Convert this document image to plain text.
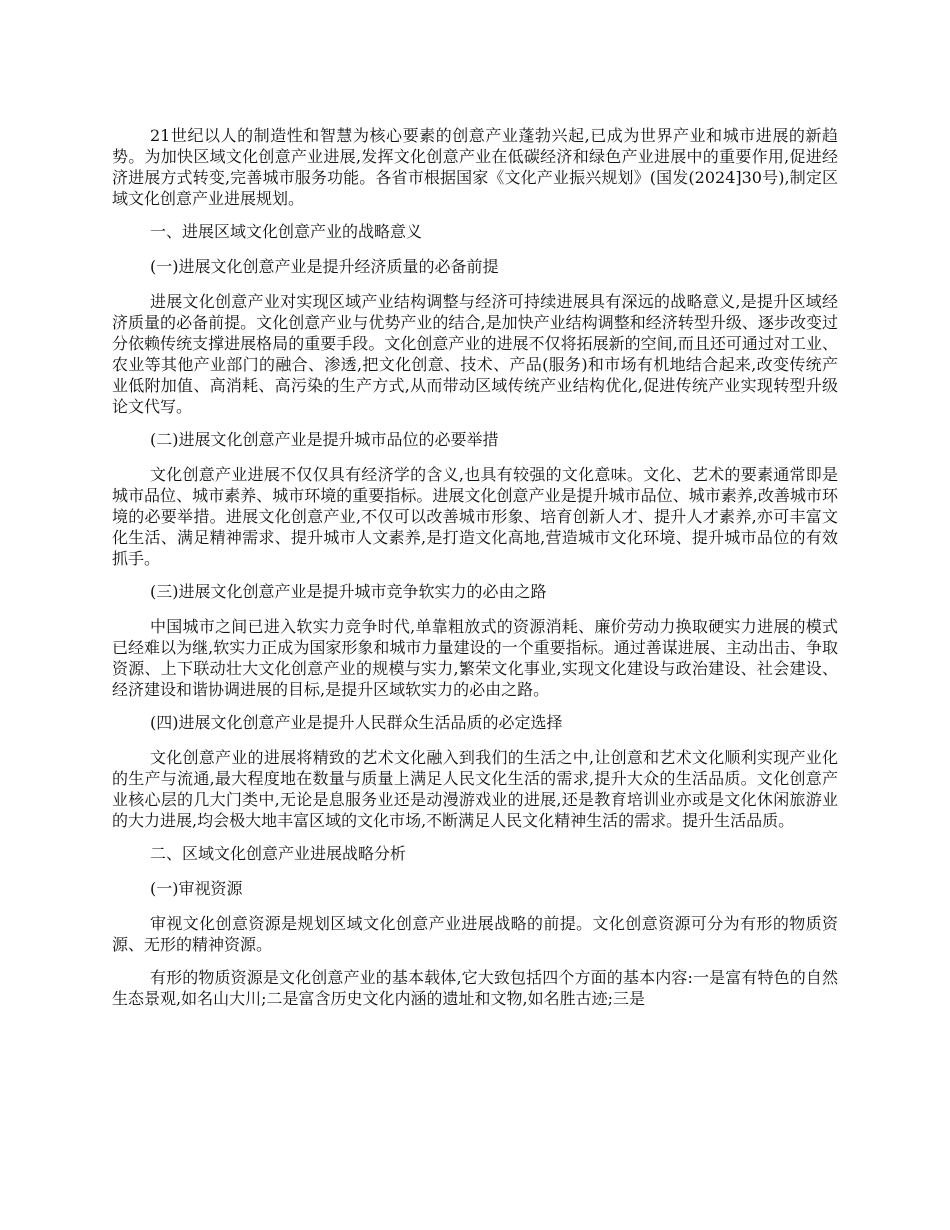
21世纪以人的制造性和智慧为核心要素的创意产业蓬勃兴起,已成为世界产业和城市进展的新趋势。为加快区域文化创意产业进展,发挥文化创意产业在低碳经济和绿色产业进展中的重要作用,促进经济进展方式转变,完善城市服务功能。各省市根据国家《文化产业振兴规划》(国发(2024]30号),制定区域文化创意产业进展规划。

一、进展区域文化创意产业的战略意义

(一)进展文化创意产业是提升经济质量的必备前提

进展文化创意产业对实现区域产业结构调整与经济可持续进展具有深远的战略意义,是提升区域经济质量的必备前提。文化创意产业与优势产业的结合,是加快产业结构调整和经济转型升级、逐步改变过分依赖传统支撑进展格局的重要手段。文化创意产业的进展不仅将拓展新的空间,而且还可通过对工业、农业等其他产业部门的融合、渗透,把文化创意、技术、产品(服务)和市场有机地结合起来,改变传统产业低附加值、高消耗、高污染的生产方式,从而带动区域传统产业结构优化,促进传统产业实现转型升级论文代写。

(二)进展文化创意产业是提升城市品位的必要举措

文化创意产业进展不仅仅具有经济学的含义,也具有较强的文化意味。文化、艺术的要素通常即是城市品位、城市素养、城市环境的重要指标。进展文化创意产业是提升城市品位、城市素养,改善城市环境的必要举措。进展文化创意产业,不仅可以改善城市形象、培育创新人才、提升人才素养,亦可丰富文化生活、满足精神需求、提升城市人文素养,是打造文化高地,营造城市文化环境、提升城市品位的有效抓手。

(三)进展文化创意产业是提升城市竞争软实力的必由之路

中国城市之间已进入软实力竞争时代,单靠粗放式的资源消耗、廉价劳动力换取硬实力进展的模式已经难以为继,软实力正成为国家形象和城市力量建设的一个重要指标。通过善谋进展、主动出击、争取资源、上下联动壮大文化创意产业的规模与实力,繁荣文化事业,实现文化建设与政治建设、社会建设、经济建设和谐协调进展的目标,是提升区域软实力的必由之路。

(四)进展文化创意产业是提升人民群众生活品质的必定选择

文化创意产业的进展将精致的艺术文化融入到我们的生活之中,让创意和艺术文化顺利实现产业化的生产与流通,最大程度地在数量与质量上满足人民文化生活的需求,提升大众的生活品质。文化创意产业核心层的几大门类中,无论是息服务业还是动漫游戏业的进展,还是教育培训业亦或是文化休闲旅游业的大力进展,均会极大地丰富区域的文化市场,不断满足人民文化精神生活的需求。提升生活品质。

二、区域文化创意产业进展战略分析

(一)审视资源

审视文化创意资源是规划区域文化创意产业进展战略的前提。文化创意资源可分为有形的物质资源、无形的精神资源。

有形的物质资源是文化创意产业的基本载体,它大致包括四个方面的基本内容:一是富有特色的自然生态景观,如名山大川;二是富含历史文化内涵的遗址和文物,如名胜古迹;三是
